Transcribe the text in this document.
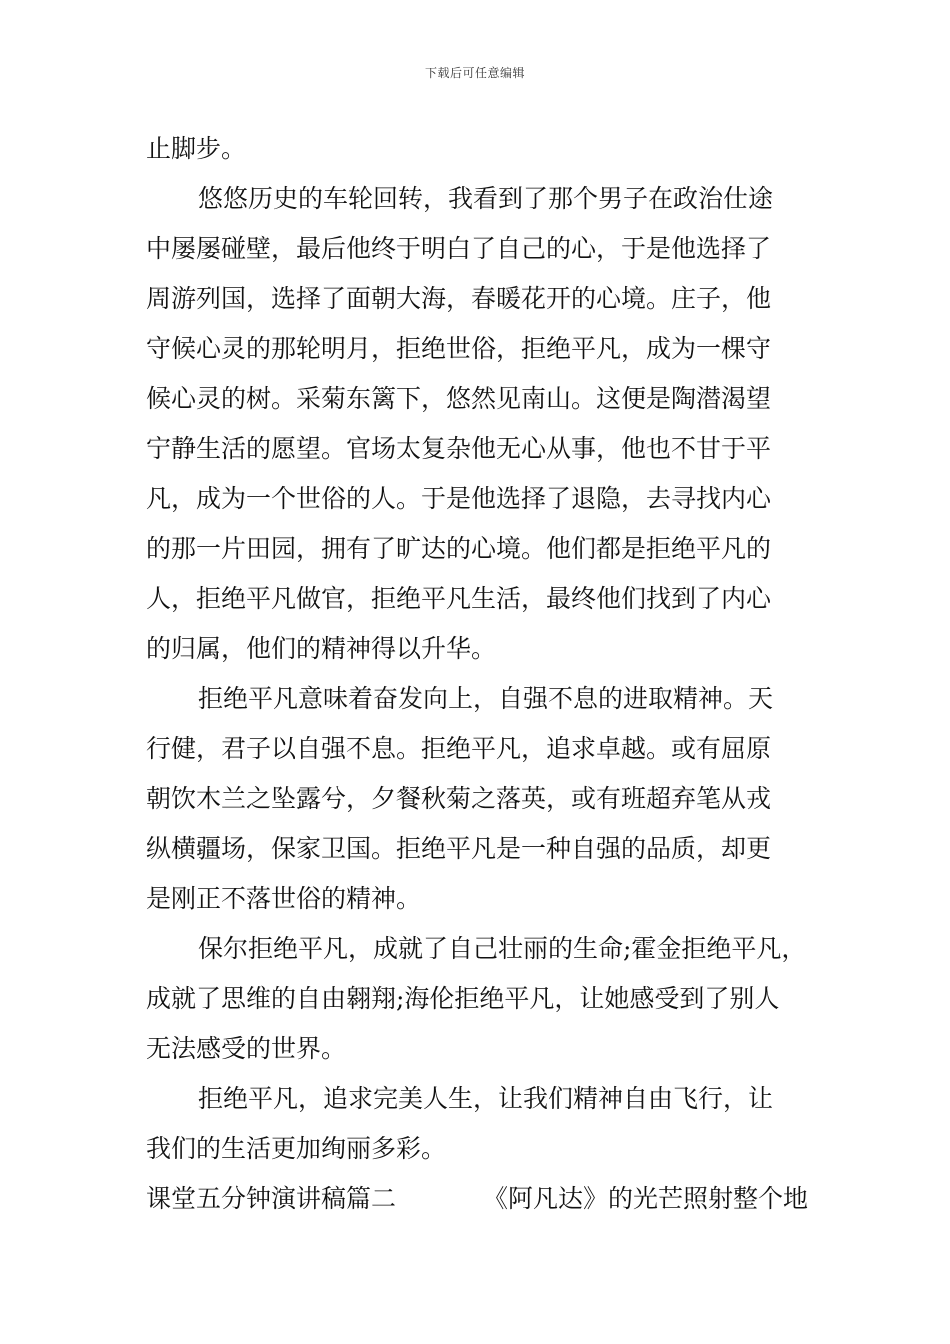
下载后可任意编辑
止脚步。
悠悠历史的车轮回转，我看到了那个男子在政治仕途
中屡屡碰壁，最后他终于明白了自己的心，于是他选择了
周游列国，选择了面朝大海，春暖花开的心境。庄子，他
守候心灵的那轮明月，拒绝世俗，拒绝平凡，成为一棵守
候心灵的树。采菊东篱下，悠然见南山。这便是陶潜渴望
宁静生活的愿望。官场太复杂他无心从事，他也不甘于平
凡，成为一个世俗的人。于是他选择了退隐，去寻找内心
的那一片田园，拥有了旷达的心境。他们都是拒绝平凡的
人，拒绝平凡做官，拒绝平凡生活，最终他们找到了内心
的归属，他们的精神得以升华。
拒绝平凡意味着奋发向上，自强不息的进取精神。天
行健，君子以自强不息。拒绝平凡，追求卓越。或有屈原
朝饮木兰之坠露兮，夕餐秋菊之落英，或有班超弃笔从戎
纵横疆场，保家卫国。拒绝平凡是一种自强的品质，却更
是刚正不落世俗的精神。
保尔拒绝平凡，成就了自己壮丽的生命;霍金拒绝平凡，
成就了思维的自由翱翔;海伦拒绝平凡，让她感受到了别人
无法感受的世界。
拒绝平凡，追求完美人生，让我们精神自由飞行，让
我们的生活更加绚丽多彩。
课堂五分钟演讲稿篇二	《阿凡达》的光芒照射整个地
